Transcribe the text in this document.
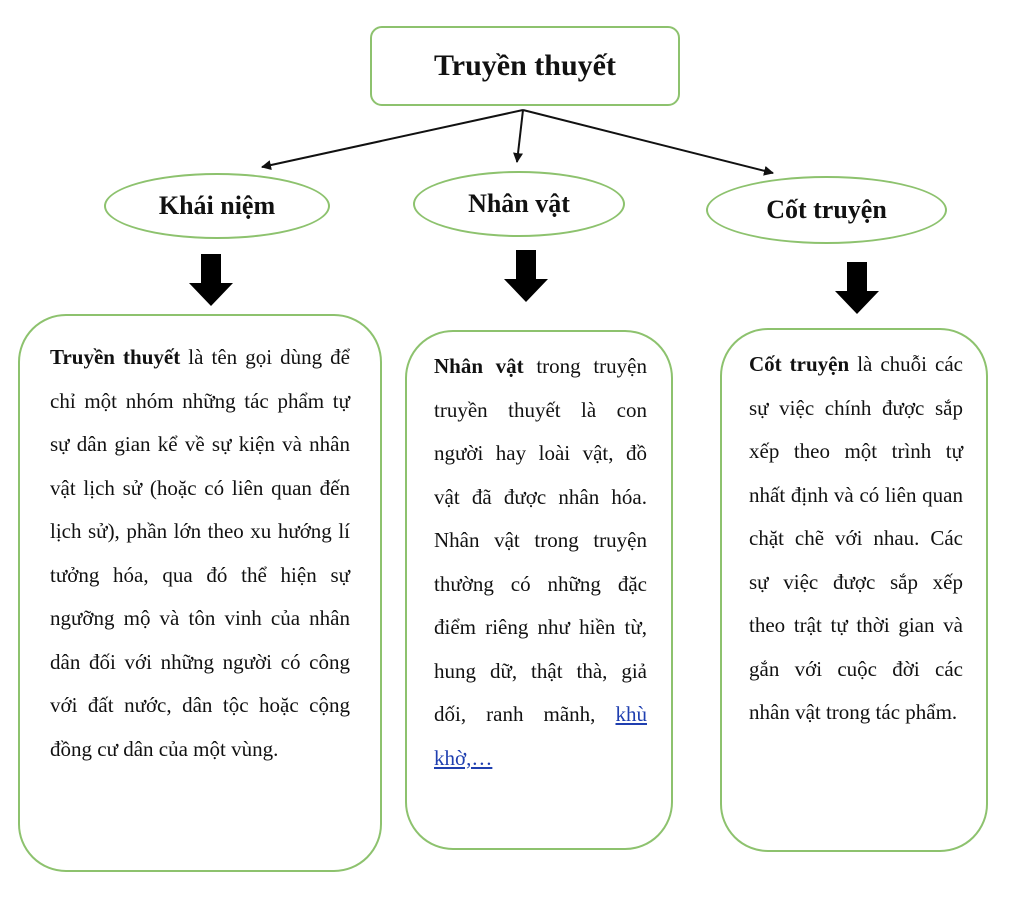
Truyền thuyết
Khái niệm	Nhân vật	Cốt truyện
Truyền thuyết là tên gọi dùng để chỉ một nhóm những tác phẩm tự sự dân gian kể về sự kiện và nhân vật lịch sử (hoặc có liên quan đến lịch sử), phần lớn theo xu hướng lí tưởng hóa, qua đó thể hiện sự ngưỡng mộ và tôn vinh của nhân dân đối với những người có công với đất nước, dân tộc hoặc cộng đồng cư dân của một vùng.
Nhân vật trong truyện truyền thuyết là con người hay loài vật, đồ vật đã được nhân hóa. Nhân vật trong truyện thường có những đặc điểm riêng như hiền từ, hung dữ, thật thà, giả dối, ranh mãnh, khù khờ,…
Cốt truyện là chuỗi các sự việc chính được sắp xếp theo một trình tự nhất định và có liên quan chặt chẽ với nhau. Các sự việc được sắp xếp theo trật tự thời gian và gắn với cuộc đời các nhân vật trong tác phẩm.
